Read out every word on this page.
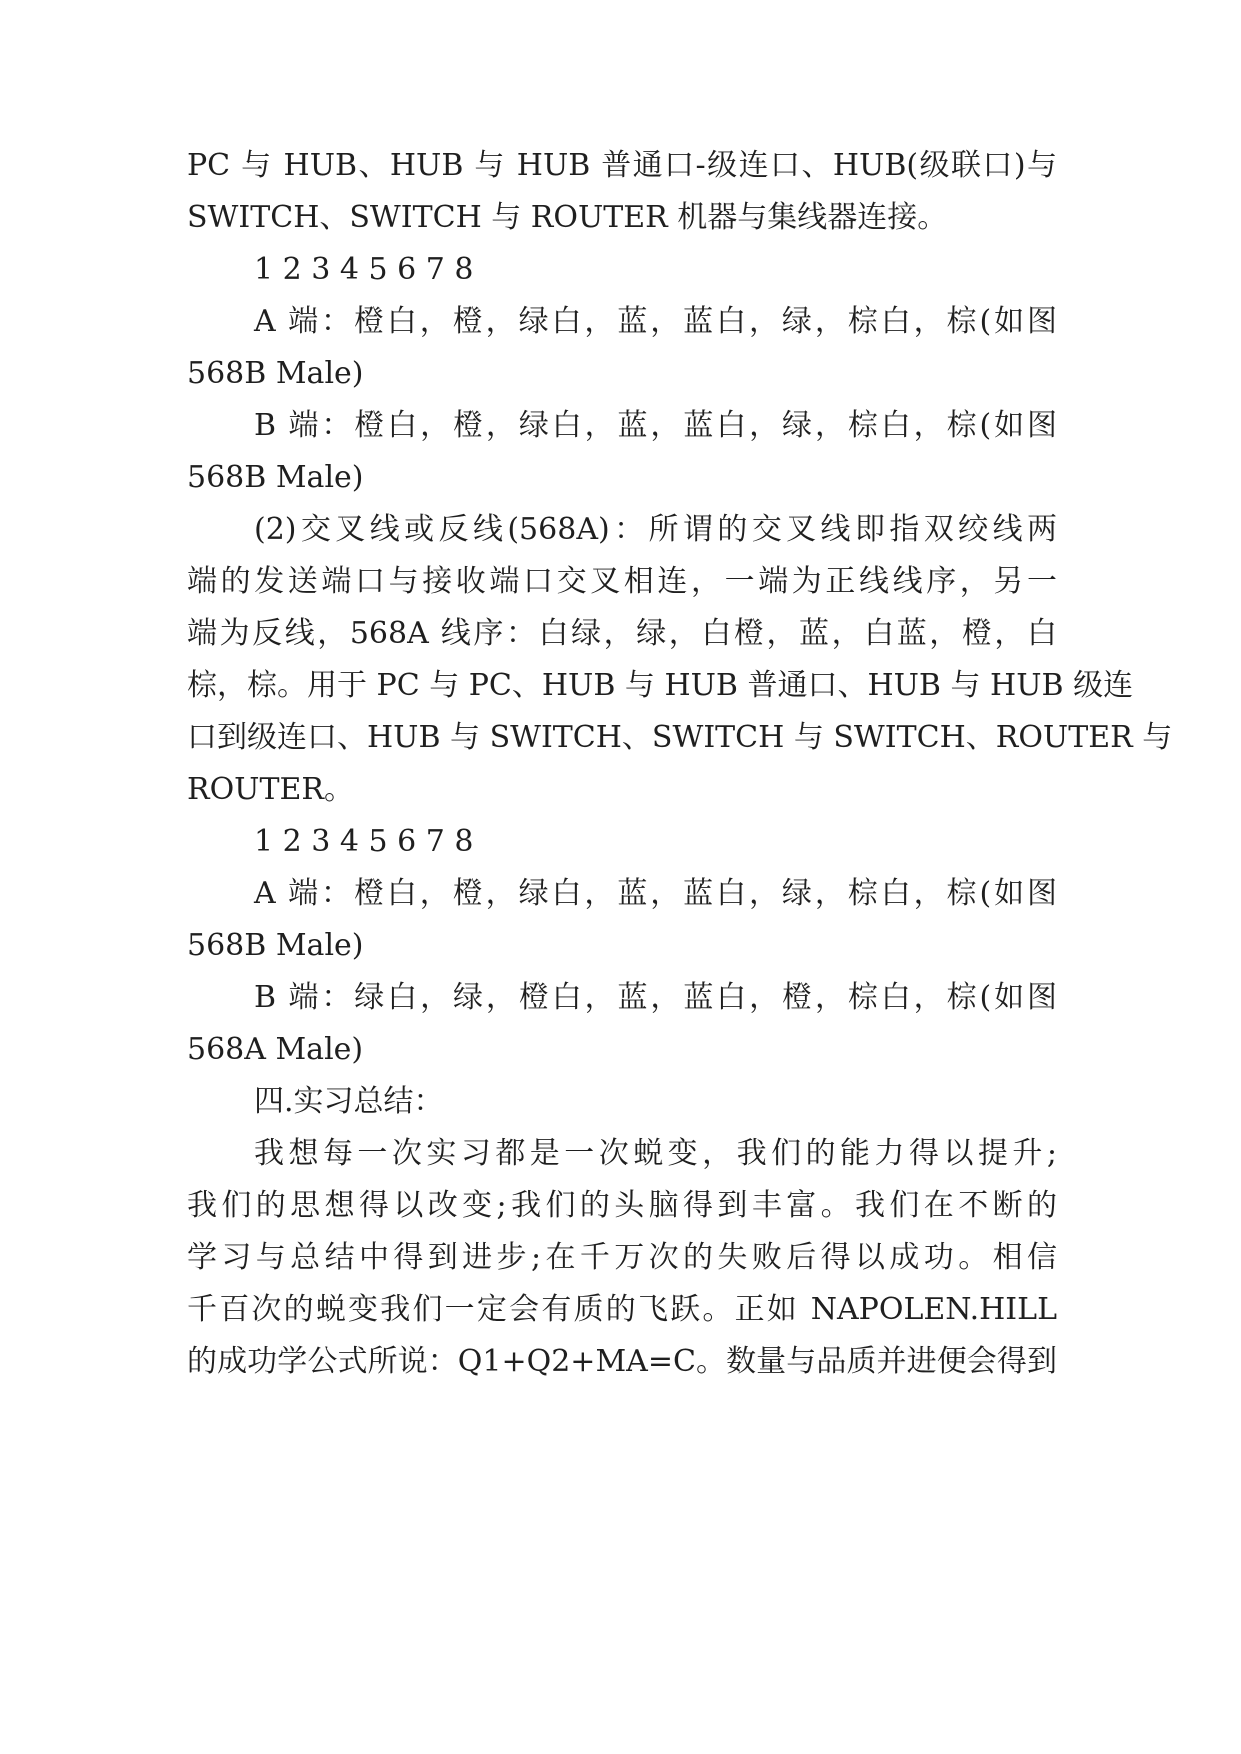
PC 与 HUB、HUB 与 HUB 普通口-级连口、HUB(级联口)与
SWITCH、SWITCH 与 ROUTER 机器与集线器连接。
1 2 3 4 5 6 7 8
A 端：橙白，橙，绿白，蓝，蓝白，绿，棕白，棕(如图
568B Male)
B 端：橙白，橙，绿白，蓝，蓝白，绿，棕白，棕(如图
568B Male)
(2)交叉线或反线(568A)：所谓的交叉线即指双绞线两
端的发送端口与接收端口交叉相连，一端为正线线序，另一
端为反线，568A 线序：白绿，绿，白橙，蓝，白蓝，橙，白
棕，棕。用于 PC 与 PC、HUB 与 HUB 普通口、HUB 与 HUB 级连
口到级连口、HUB 与 SWITCH、SWITCH 与 SWITCH、ROUTER 与
ROUTER。
1 2 3 4 5 6 7 8
A 端：橙白，橙，绿白，蓝，蓝白，绿，棕白，棕(如图
568B Male)
B 端：绿白，绿，橙白，蓝，蓝白，橙，棕白，棕(如图
568A Male)
四.实习总结：
我想每一次实习都是一次蜕变，我们的能力得以提升;
我们的思想得以改变;我们的头脑得到丰富。我们在不断的
学习与总结中得到进步;在千万次的失败后得以成功。相信
千百次的蜕变我们一定会有质的飞跃。正如 NAPOLEN.HILL
的成功学公式所说：Q1+Q2+MA=C。数量与品质并进便会得到
